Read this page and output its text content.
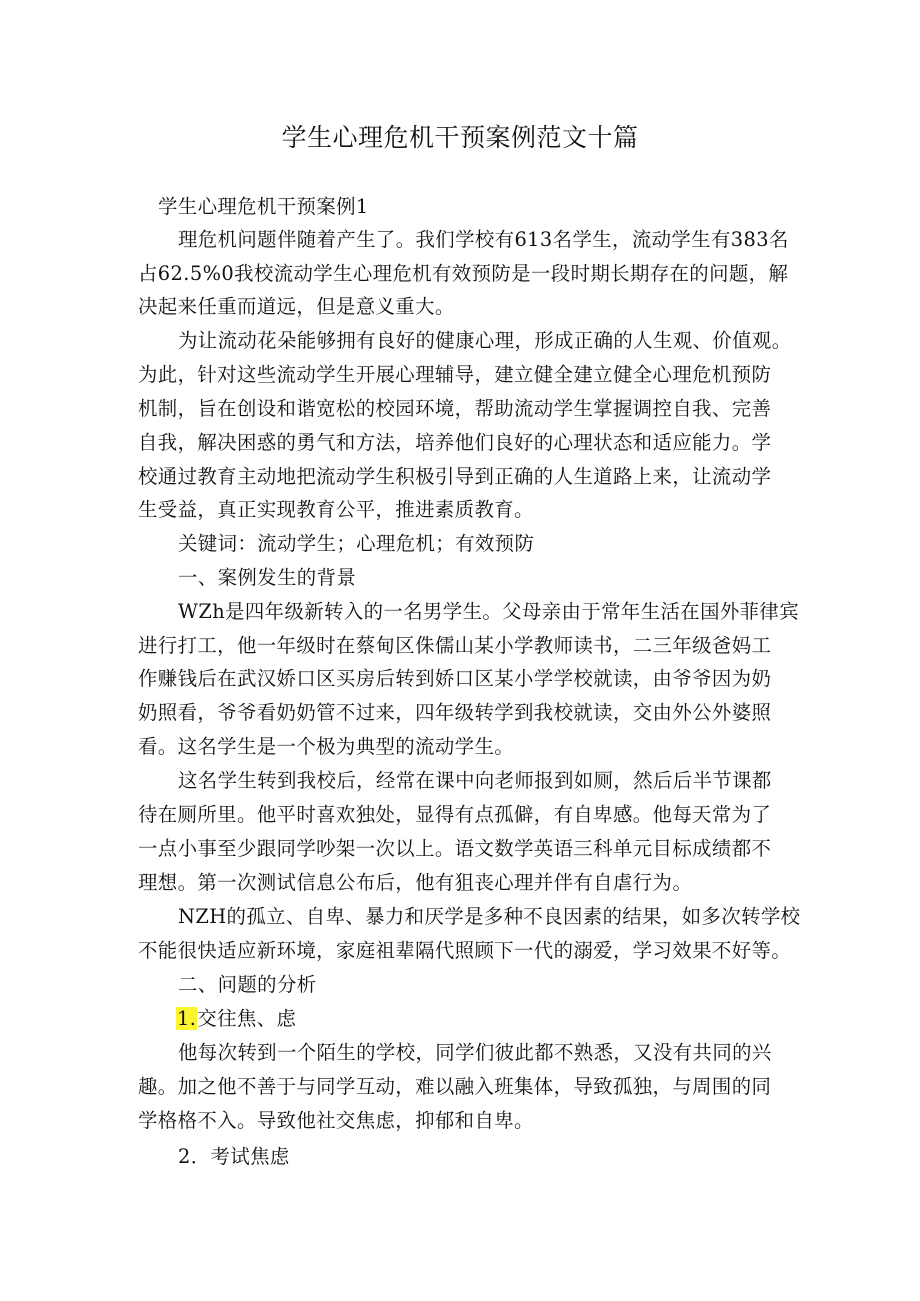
学生心理危机干预案例范文十篇

学生心理危机干预案例1

理危机问题伴随着产生了。我们学校有613名学生，流动学生有383名

占62.5%0我校流动学生心理危机有效预防是一段时期长期存在的问题，解

决起来任重而道远，但是意义重大。

为让流动花朵能够拥有良好的健康心理，形成正确的人生观、价值观。

为此，针对这些流动学生开展心理辅导，建立健全建立健全心理危机预防

机制，旨在创设和谐宽松的校园环境，帮助流动学生掌握调控自我、完善

自我，解决困惑的勇气和方法，培养他们良好的心理状态和适应能力。学

校通过教育主动地把流动学生积极引导到正确的人生道路上来，让流动学

生受益，真正实现教育公平，推进素质教育。

关键词：流动学生；心理危机；有效预防

一、案例发生的背景

WZh是四年级新转入的一名男学生。父母亲由于常年生活在国外菲律宾

进行打工，他一年级时在蔡甸区侏儒山某小学教师读书，二三年级爸妈工

作赚钱后在武汉娇口区买房后转到娇口区某小学学校就读，由爷爷因为奶

奶照看，爷爷看奶奶管不过来，四年级转学到我校就读，交由外公外婆照

看。这名学生是一个极为典型的流动学生。

这名学生转到我校后，经常在课中向老师报到如厕，然后后半节课都

待在厕所里。他平时喜欢独处，显得有点孤僻，有自卑感。他每天常为了

一点小事至少跟同学吵架一次以上。语文数学英语三科单元目标成绩都不

理想。第一次测试信息公布后，他有狙丧心理并伴有自虐行为。

NZH的孤立、自卑、暴力和厌学是多种不良因素的结果，如多次转学校

不能很快适应新环境，家庭祖辈隔代照顾下一代的溺爱，学习效果不好等。

二、问题的分析

1.交往焦、虑

他每次转到一个陌生的学校，同学们彼此都不熟悉，又没有共同的兴

趣。加之他不善于与同学互动，难以融入班集体，导致孤独，与周围的同

学格格不入。导致他社交焦虑，抑郁和自卑。

2．考试焦虑
